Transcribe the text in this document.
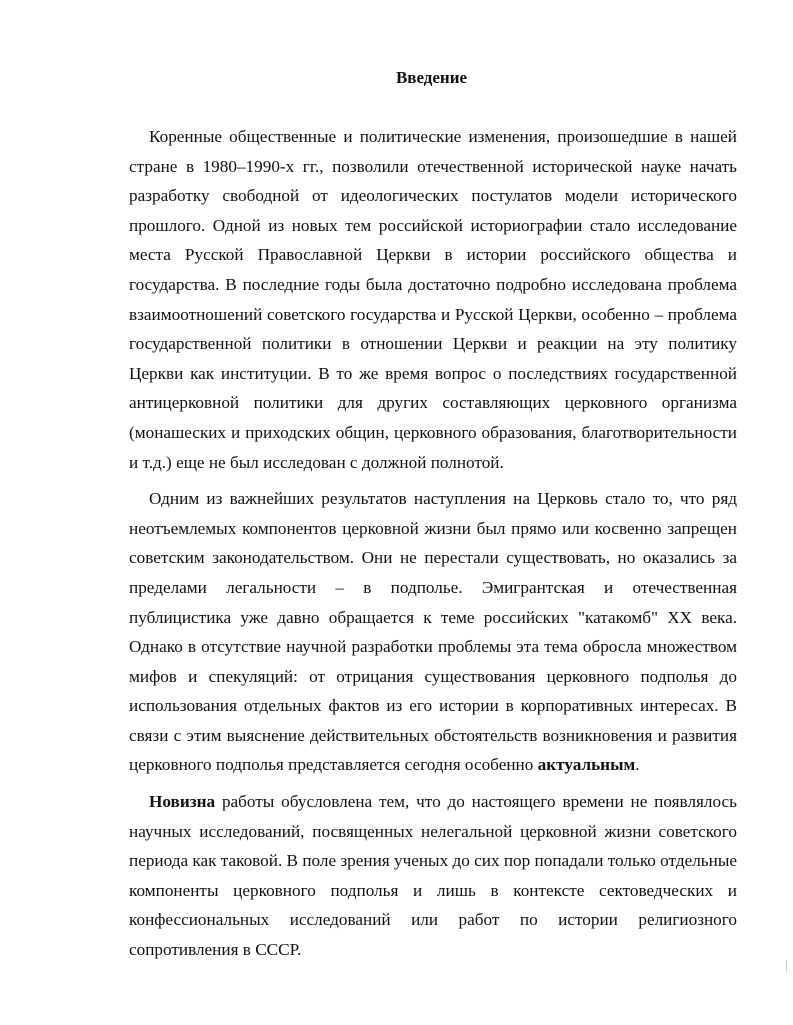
Введение

Коренные общественные и политические изменения, произошедшие в нашей стране в 1980–1990-х гг., позволили отечественной исторической науке начать разработку свободной от идеологических постулатов модели исторического прошлого. Одной из новых тем российской историографии стало исследование места Русской Православной Церкви в истории российского общества и государства. В последние годы была достаточно подробно исследована проблема взаимоотношений советского государства и Русской Церкви, особенно – проблема государственной политики в отношении Церкви и реакции на эту политику Церкви как институции. В то же время вопрос о последствиях государственной антицерковной политики для других составляющих церковного организма (монашеских и приходских общин, церковного образования, благотворительности и т.д.) еще не был исследован с должной полнотой.

Одним из важнейших результатов наступления на Церковь стало то, что ряд неотъемлемых компонентов церковной жизни был прямо или косвенно запрещен советским законодательством. Они не перестали существовать, но оказались за пределами легальности – в подполье. Эмигрантская и отечественная публицистика уже давно обращается к теме российских "катакомб" XX века. Однако в отсутствие научной разработки проблемы эта тема обросла множеством мифов и спекуляций: от отрицания существования церковного подполья до использования отдельных фактов из его истории в корпоративных интересах. В связи с этим выяснение действительных обстоятельств возникновения и развития церковного подполья представляется сегодня особенно актуальным.

Новизна работы обусловлена тем, что до настоящего времени не появлялось научных исследований, посвященных нелегальной церковной жизни советского периода как таковой. В поле зрения ученых до сих пор попадали только отдельные компоненты церковного подполья и лишь в контексте сектоведческих и конфессиональных исследований или работ по истории религиозного сопротивления в СССР.
